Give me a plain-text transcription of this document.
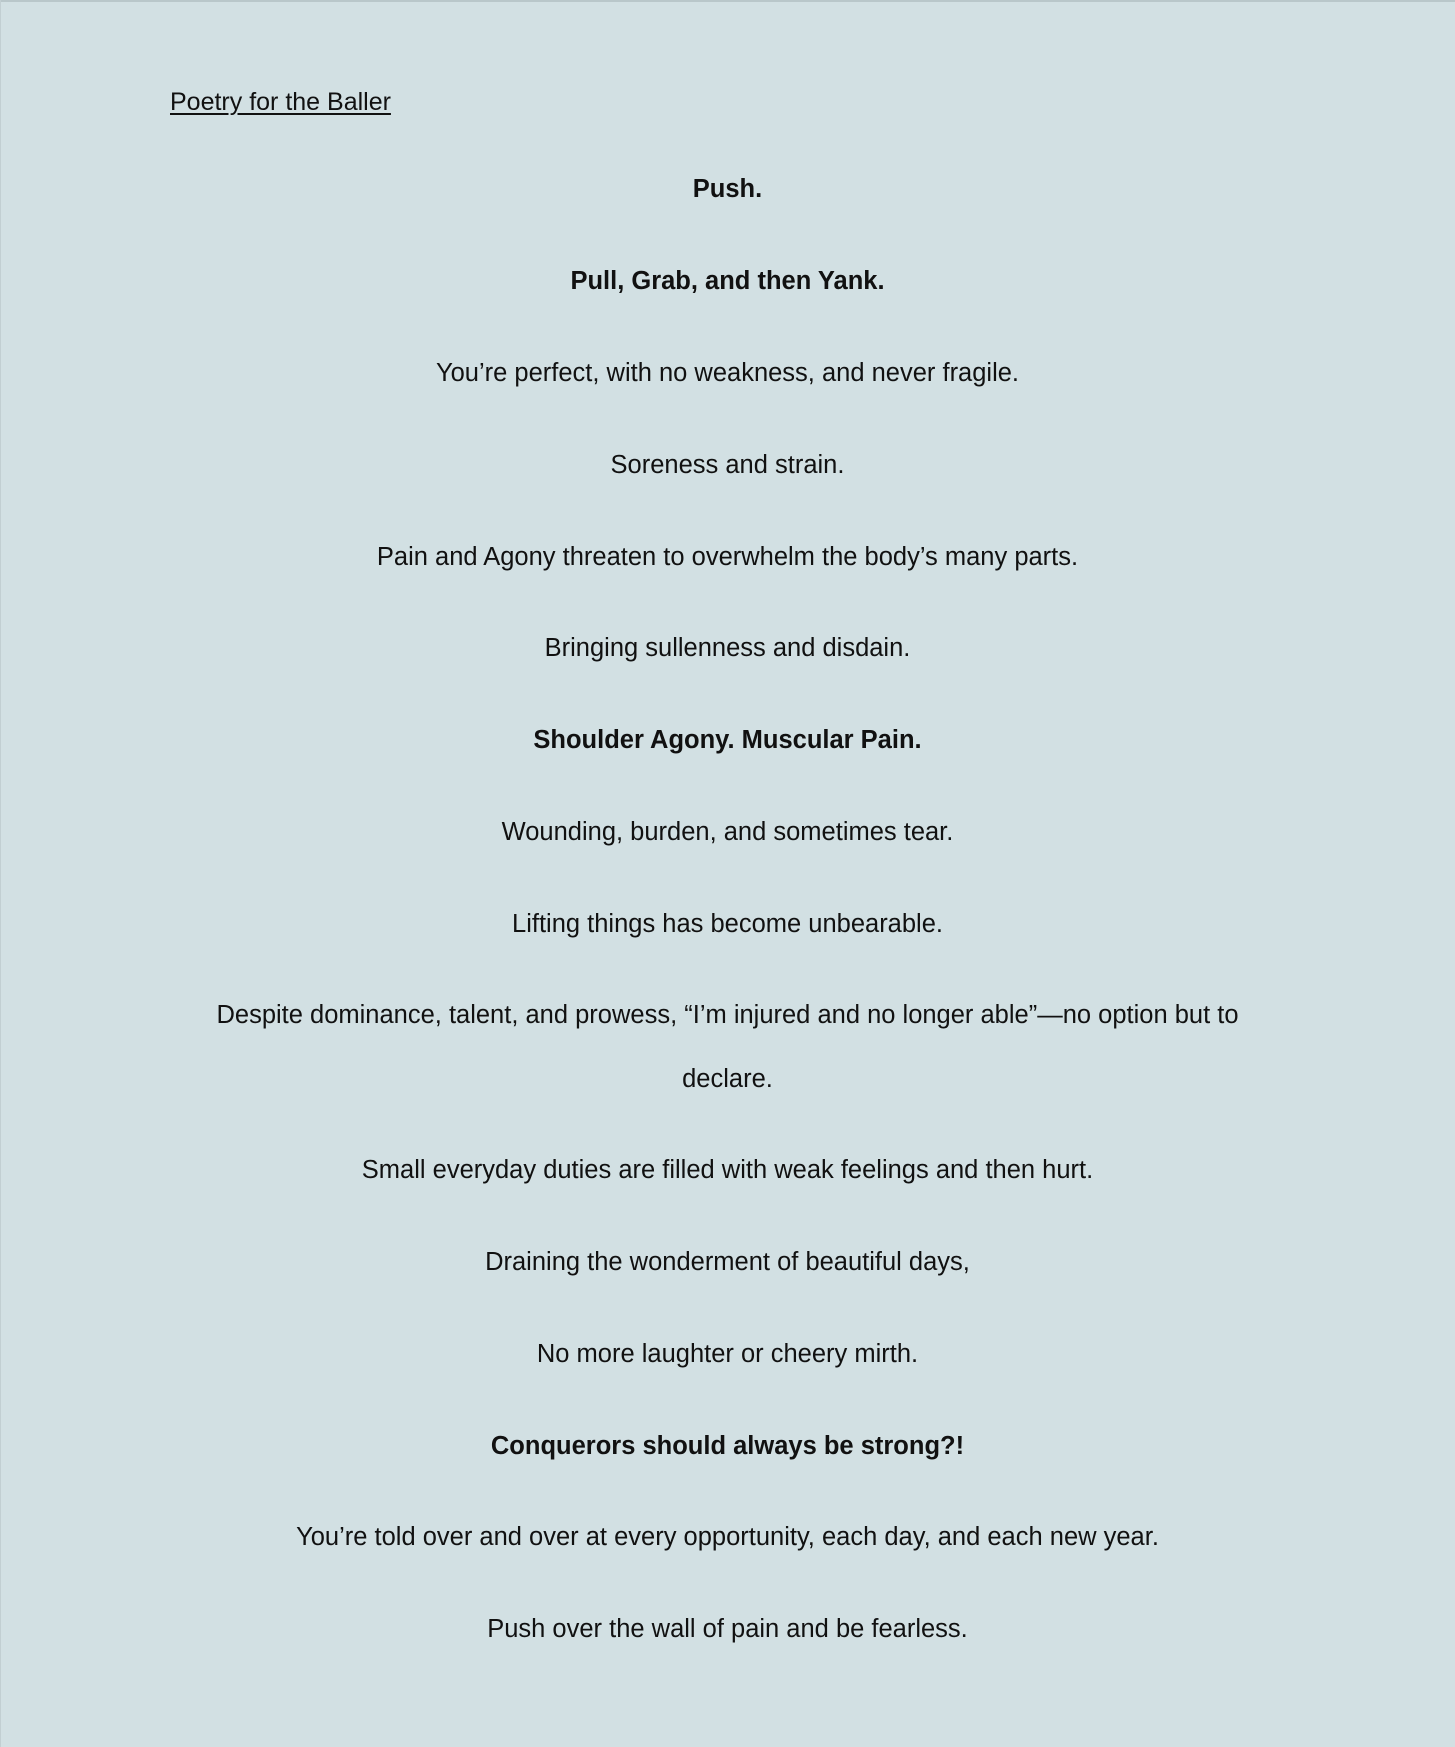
Poetry for the Baller

Push.

Pull, Grab, and then Yank.

You’re perfect, with no weakness, and never fragile.

Soreness and strain.

Pain and Agony threaten to overwhelm the body’s many parts.

Bringing sullenness and disdain.

Shoulder Agony. Muscular Pain.

Wounding, burden, and sometimes tear.

Lifting things has become unbearable.

Despite dominance, talent, and prowess, “I’m injured and no longer able”—no option but to

declare.

Small everyday duties are filled with weak feelings and then hurt.

Draining the wonderment of beautiful days,

No more laughter or cheery mirth.

Conquerors should always be strong?!

You’re told over and over at every opportunity, each day, and each new year.

Push over the wall of pain and be fearless.
